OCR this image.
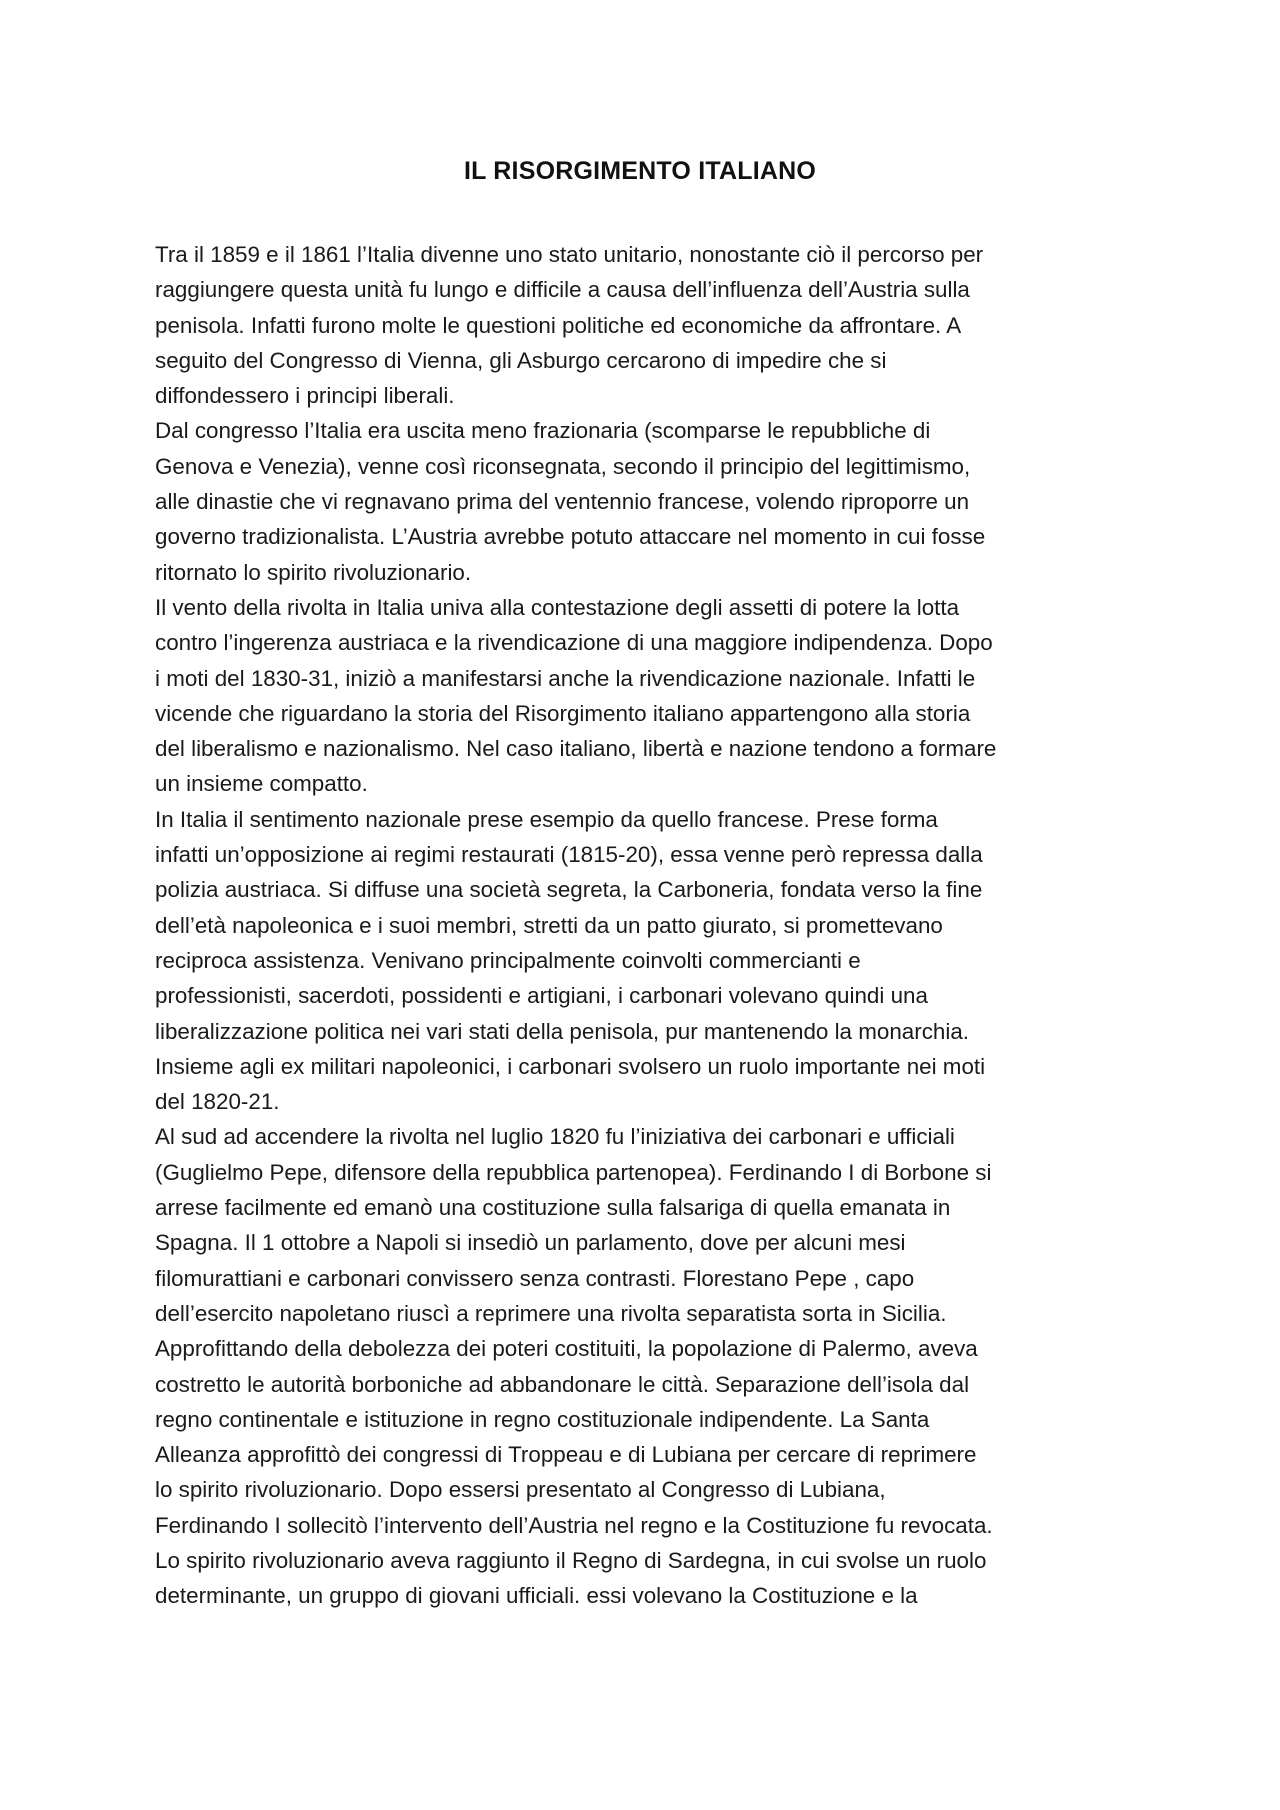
IL RISORGIMENTO ITALIANO
Tra il 1859 e il 1861 l’Italia divenne uno stato unitario, nonostante ciò il percorso per
raggiungere questa unità fu lungo e difficile a causa dell’influenza dell’Austria sulla
penisola. Infatti furono molte le questioni politiche ed economiche da affrontare. A
seguito del Congresso di Vienna, gli Asburgo cercarono di impedire che si
diffondessero i principi liberali.
Dal congresso l’Italia era uscita meno frazionaria (scomparse le repubbliche di
Genova e Venezia), venne così riconsegnata, secondo il principio del legittimismo,
alle dinastie che vi regnavano prima del ventennio francese, volendo riproporre un
governo tradizionalista. L’Austria avrebbe potuto attaccare nel momento in cui fosse
ritornato lo spirito rivoluzionario.
Il vento della rivolta in Italia univa alla contestazione degli assetti di potere la lotta
contro l’ingerenza austriaca e la rivendicazione di una maggiore indipendenza. Dopo
i moti del 1830-31, iniziò a manifestarsi anche la rivendicazione nazionale. Infatti le
vicende che riguardano la storia del Risorgimento italiano appartengono alla storia
del liberalismo e nazionalismo. Nel caso italiano, libertà e nazione tendono a formare
un insieme compatto.
In Italia il sentimento nazionale prese esempio da quello francese. Prese forma
infatti un’opposizione ai regimi restaurati (1815-20), essa venne però repressa dalla
polizia austriaca. Si diffuse una società segreta, la Carboneria, fondata verso la fine
dell’età napoleonica e i suoi membri, stretti da un patto giurato, si promettevano
reciproca assistenza. Venivano principalmente coinvolti commercianti e
professionisti, sacerdoti, possidenti e artigiani, i carbonari volevano quindi una
liberalizzazione politica nei vari stati della penisola, pur mantenendo la monarchia.
Insieme agli ex militari napoleonici, i carbonari svolsero un ruolo importante nei moti
del 1820-21.
Al sud ad accendere la rivolta nel luglio 1820 fu l’iniziativa dei carbonari e ufficiali
(Guglielmo Pepe, difensore della repubblica partenopea). Ferdinando I di Borbone si
arrese facilmente ed emanò una costituzione sulla falsariga di quella emanata in
Spagna. Il 1 ottobre a Napoli si insediò un parlamento, dove per alcuni mesi
filomurattiani e carbonari convissero senza contrasti. Florestano Pepe , capo
dell’esercito napoletano riuscì a reprimere una rivolta separatista sorta in Sicilia.
Approfittando della debolezza dei poteri costituiti, la popolazione di Palermo, aveva
costretto le autorità borboniche ad abbandonare le città. Separazione dell’isola dal
regno continentale e istituzione in regno costituzionale indipendente. La Santa
Alleanza approfittò dei congressi di Troppeau e di Lubiana per cercare di reprimere
lo spirito rivoluzionario. Dopo essersi presentato al Congresso di Lubiana,
Ferdinando I sollecitò l’intervento dell’Austria nel regno e la Costituzione fu revocata.
Lo spirito rivoluzionario aveva raggiunto il Regno di Sardegna, in cui svolse un ruolo
determinante, un gruppo di giovani ufficiali. essi volevano la Costituzione e la
